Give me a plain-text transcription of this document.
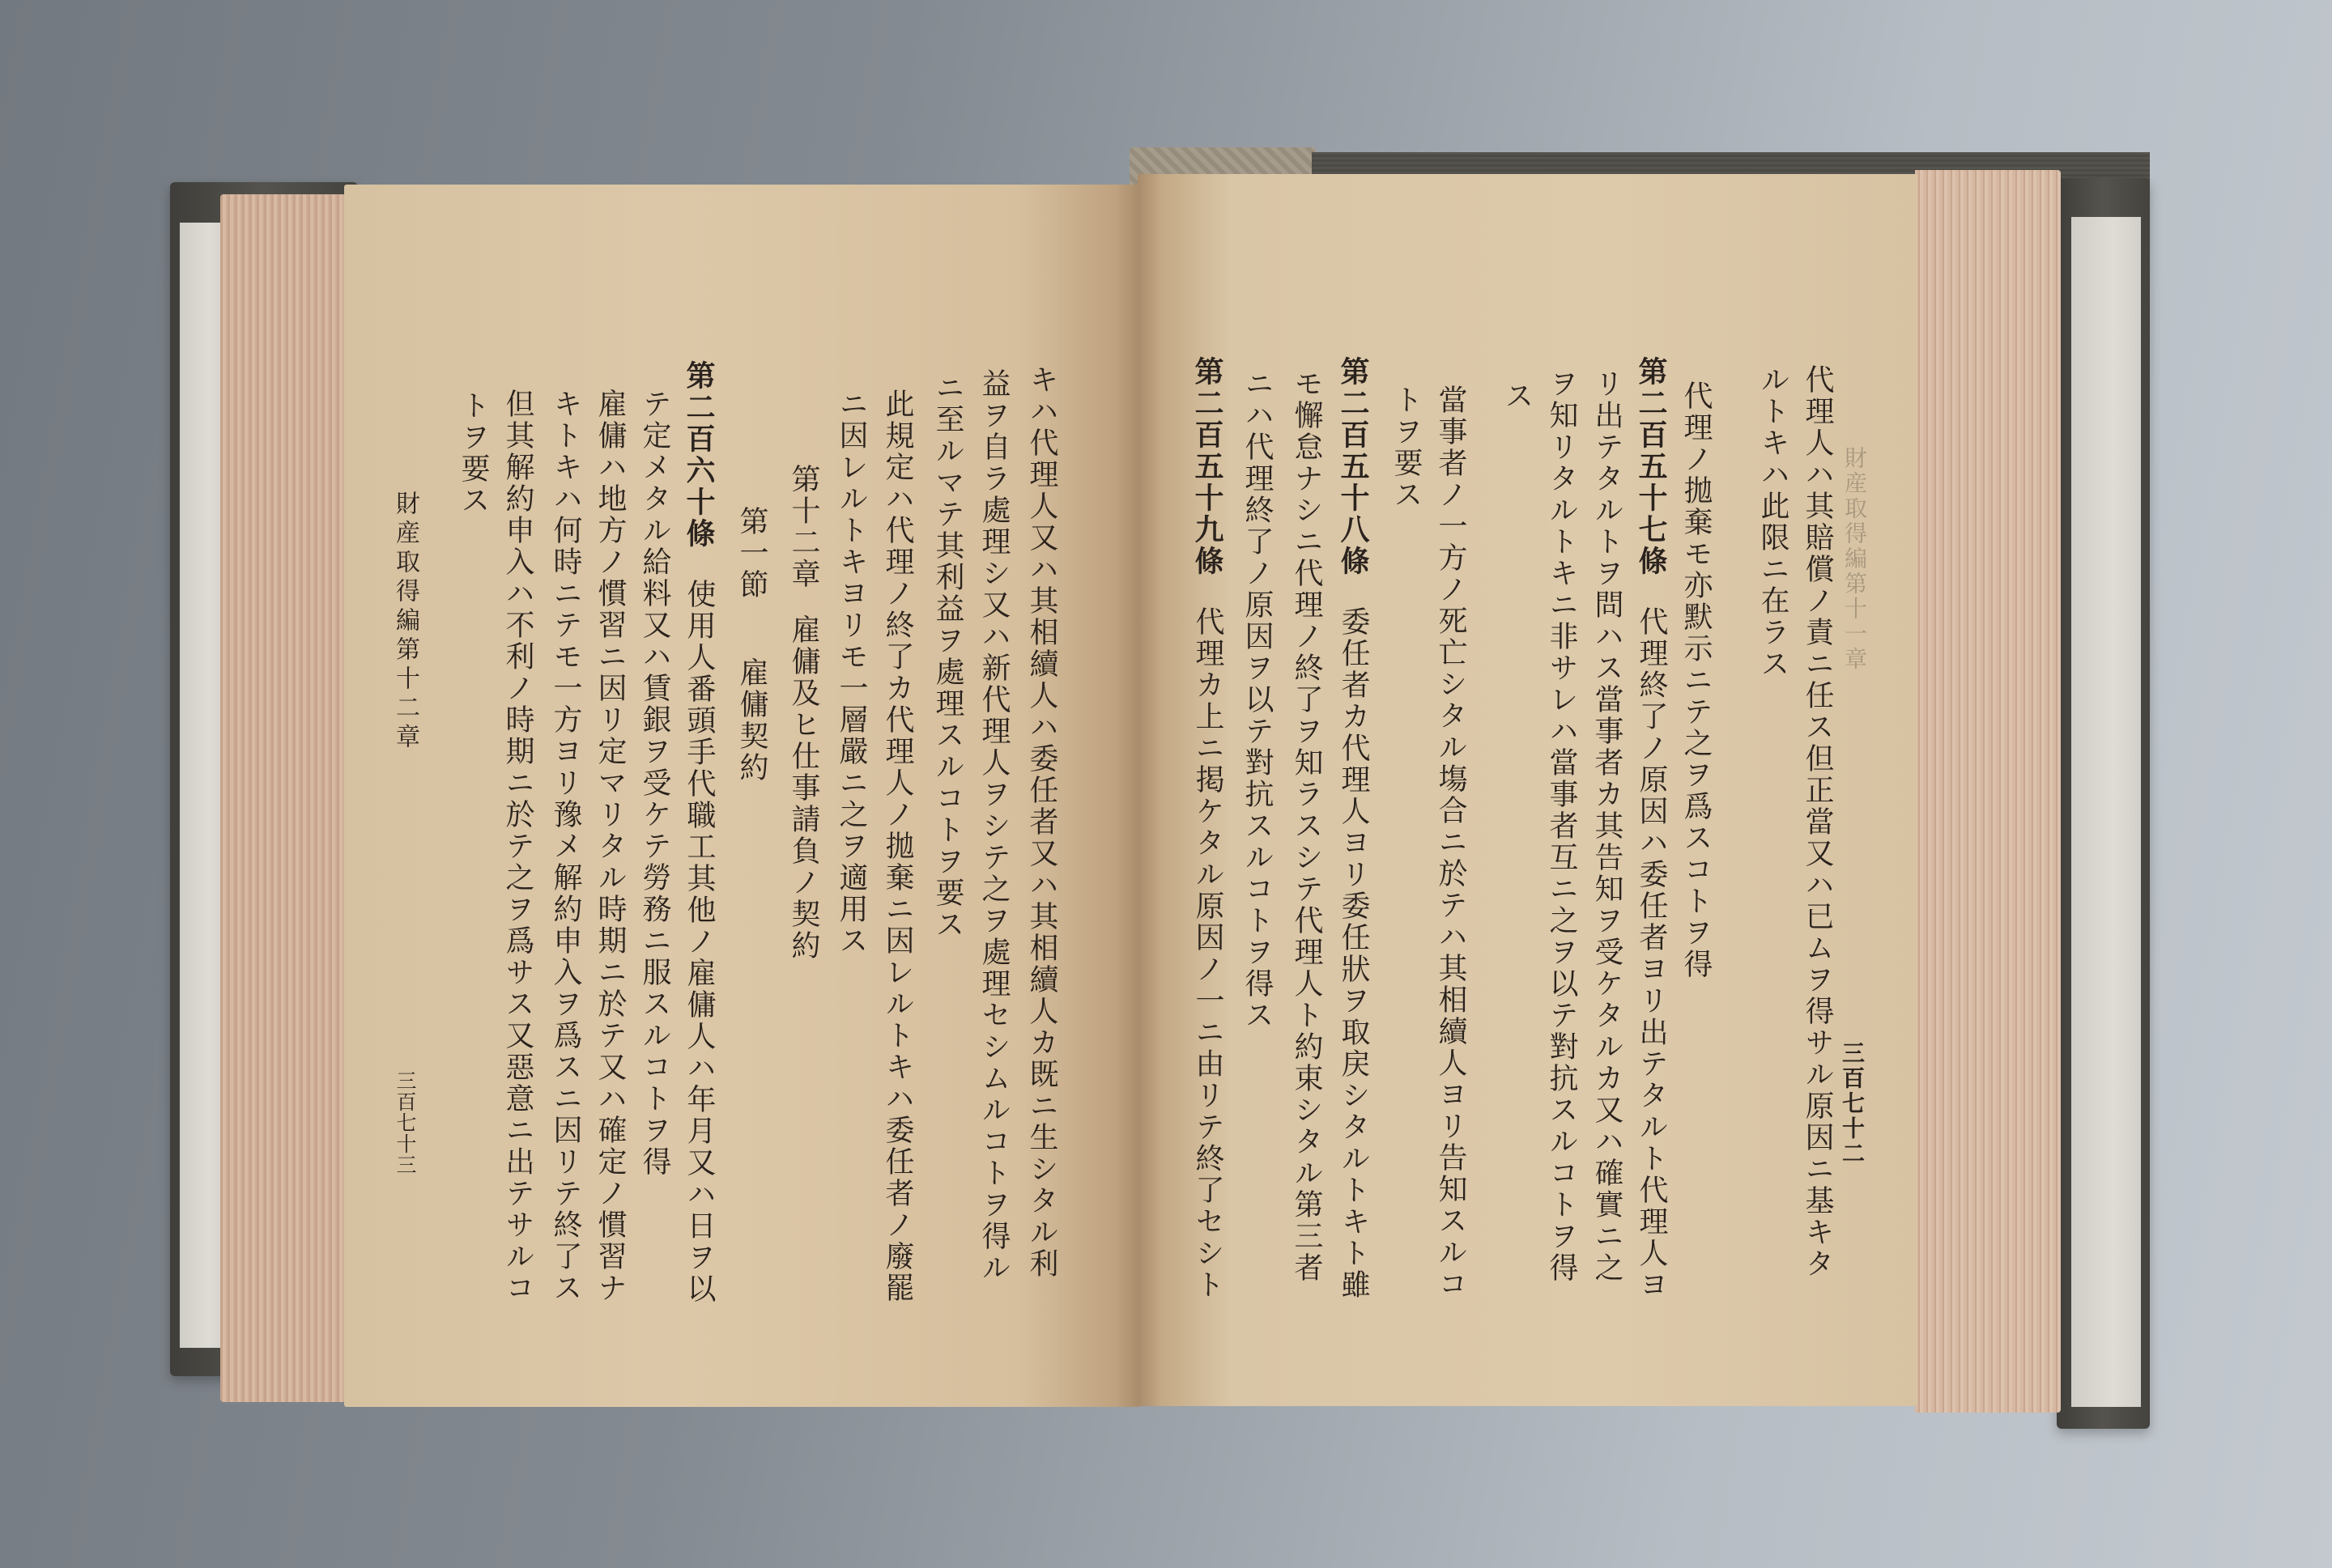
財産取得編第十一章
三百七十二
代理人ハ其賠償ノ責ニ任ス但正當又ハ已ムヲ得サル原因ニ基キタ
ルトキハ此限ニ在ラス
代理ノ拋棄モ亦默示ニテ之ヲ爲スコトヲ得
第二百五十七條代理終了ノ原因ハ委任者ヨリ出テタルト代理人ヨ
リ出テタルトヲ問ハス當事者カ其告知ヲ受ケタルカ又ハ確實ニ之
ヲ知リタルトキニ非サレハ當事者互ニ之ヲ以テ對抗スルコトヲ得
ス
當事者ノ一方ノ死亡シタル塲合ニ於テハ其相續人ヨリ告知スルコ
トヲ要ス
第二百五十八條委任者カ代理人ヨリ委任狀ヲ取戻シタルトキト雖
モ懈怠ナシニ代理ノ終了ヲ知ラスシテ代理人ト約束シタル第三者
ニハ代理終了ノ原因ヲ以テ對抗スルコトヲ得ス
第二百五十九條代理カ上ニ掲ケタル原因ノ一ニ由リテ終了セシト
キハ代理人又ハ其相續人ハ委任者又ハ其相續人カ既ニ生シタル利
益ヲ自ラ處理シ又ハ新代理人ヲシテ之ヲ處理セシムルコトヲ得ル
ニ至ルマテ其利益ヲ處理スルコトヲ要ス
此規定ハ代理ノ終了カ代理人ノ拋棄ニ因レルトキハ委任者ノ廢罷
ニ因レルトキヨリモ一層嚴ニ之ヲ適用ス
第十二章雇傭及ヒ仕事請負ノ契約
第一節雇傭契約
第二百六十條使用人番頭手代職工其他ノ雇傭人ハ年月又ハ日ヲ以
テ定メタル給料又ハ賃銀ヲ受ケテ勞務ニ服スルコトヲ得
雇傭ハ地方ノ慣習ニ因リ定マリタル時期ニ於テ又ハ確定ノ慣習ナ
キトキハ何時ニテモ一方ヨリ豫メ解約申入ヲ爲スニ因リテ終了ス
但其解約申入ハ不利ノ時期ニ於テ之ヲ爲サス又惡意ニ出テサルコ
トヲ要ス
財産取得編第十二章
三百七十三
